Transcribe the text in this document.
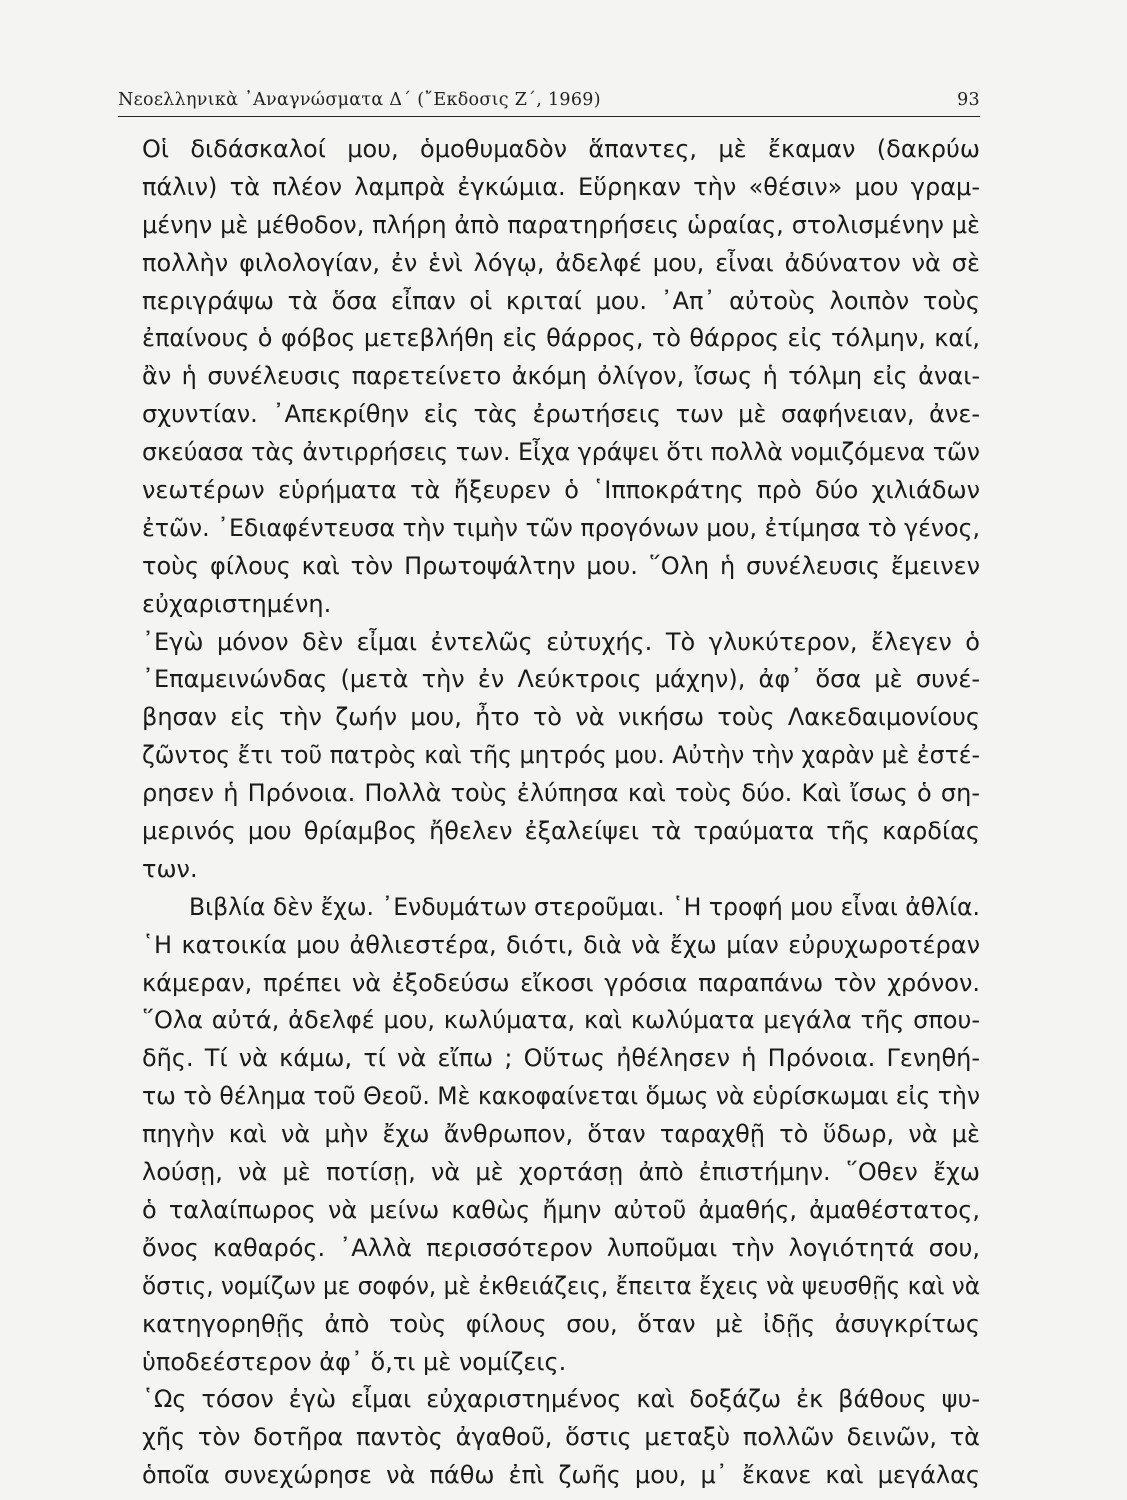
Νεοελληνικὰ ᾿Αναγνώσματα Δ΄ (῎Εκδοσις Ζ΄, 1969)	93
Οἱ διδάσκαλοί μου, ὁμοθυμαδὸν ἅπαντες, μὲ ἔκαμαν (δακρύω
πάλιν) τὰ πλέον λαμπρὰ ἐγκώμια. Εὕρηκαν τὴν «θέσιν» μου γραμ-
μένην μὲ μέθοδον, πλήρη ἀπὸ παρατηρήσεις ὡραίας, στολισμένην μὲ
πολλὴν φιλολογίαν, ἐν ἑνὶ λόγῳ, ἀδελφέ μου, εἶναι ἀδύνατον νὰ σὲ
περιγράψω τὰ ὅσα εἶπαν οἱ κριταί μου. ᾿Απ᾿ αὐτοὺς λοιπὸν τοὺς
ἐπαίνους ὁ φόβος μετεβλήθη εἰς θάρρος, τὸ θάρρος εἰς τόλμην, καί,
ἂν ἡ συνέλευσις παρετείνετο ἀκόμη ὀλίγον, ἴσως ἡ τόλμη εἰς ἀναι-
σχυντίαν. ᾿Απεκρίθην εἰς τὰς ἐρωτήσεις των μὲ σαφήνειαν, ἀνε-
σκεύασα τὰς ἀντιρρήσεις των. Εἶχα γράψει ὅτι πολλὰ νομιζόμενα τῶν
νεωτέρων εὑρήματα τὰ ἤξευρεν ὁ ῾Ιπποκράτης πρὸ δύο χιλιάδων
ἐτῶν. ᾿Εδιαφέντευσα τὴν τιμὴν τῶν προγόνων μου, ἐτίμησα τὸ γένος,
τοὺς φίλους καὶ τὸν Πρωτοψάλτην μου. ῞Ολη ἡ συνέλευσις ἔμεινεν
εὐχαριστημένη.
᾿Εγὼ μόνον δὲν εἶμαι ἐντελῶς εὐτυχής. Τὸ γλυκύτερον, ἔλεγεν ὁ
᾿Επαμεινώνδας (μετὰ τὴν ἐν Λεύκτροις μάχην), ἀφ᾿ ὅσα μὲ συνέ-
βησαν εἰς τὴν ζωήν μου, ἦτο τὸ νὰ νικήσω τοὺς Λακεδαιμονίους
ζῶντος ἔτι τοῦ πατρὸς καὶ τῆς μητρός μου. Αὐτὴν τὴν χαρὰν μὲ ἐστέ-
ρησεν ἡ Πρόνοια. Πολλὰ τοὺς ἐλύπησα καὶ τοὺς δύο. Καὶ ἴσως ὁ ση-
μερινός μου θρίαμβος ἤθελεν ἐξαλείψει τὰ τραύματα τῆς καρδίας
των.
Βιβλία δὲν ἔχω. ᾿Ενδυμάτων στεροῦμαι. ῾Η τροφή μου εἶναι ἀθλία.
῾Η κατοικία μου ἀθλιεστέρα, διότι, διὰ νὰ ἔχω μίαν εὐρυχωροτέραν
κάμεραν, πρέπει νὰ ἐξοδεύσω εἴκοσι γρόσια παραπάνω τὸν χρόνον.
῞Ολα αὐτά, ἀδελφέ μου, κωλύματα, καὶ κωλύματα μεγάλα τῆς σπου-
δῆς. Τί νὰ κάμω, τί νὰ εἴπω ; Οὕτως ἠθέλησεν ἡ Πρόνοια. Γενηθή-
τω τὸ θέλημα τοῦ Θεοῦ. Μὲ κακοφαίνεται ὅμως νὰ εὑρίσκωμαι εἰς τὴν
πηγὴν καὶ νὰ μὴν ἔχω ἄνθρωπον, ὅταν ταραχθῇ τὸ ὕδωρ, νὰ μὲ
λούσῃ, νὰ μὲ ποτίσῃ, νὰ μὲ χορτάσῃ ἀπὸ ἐπιστήμην. ῞Οθεν ἔχω
ὁ ταλαίπωρος νὰ μείνω καθὼς ἤμην αὐτοῦ ἀμαθής, ἀμαθέστατος,
ὄνος καθαρός. ᾿Αλλὰ περισσότερον λυποῦμαι τὴν λογιότητά σου,
ὅστις, νομίζων με σοφόν, μὲ ἐκθειάζεις, ἔπειτα ἔχεις νὰ ψευσθῇς καὶ νὰ
κατηγορηθῇς ἀπὸ τοὺς φίλους σου, ὅταν μὲ ἰδῇς ἀσυγκρίτως
ὑποδεέστερον ἀφ᾿ ὅ,τι μὲ νομίζεις.
῾Ως τόσον ἐγὼ εἶμαι εὐχαριστημένος καὶ δοξάζω ἐκ βάθους ψυ-
χῆς τὸν δοτῆρα παντὸς ἀγαθοῦ, ὅστις μεταξὺ πολλῶν δεινῶν, τὰ
ὁποῖα συνεχώρησε νὰ πάθω ἐπὶ ζωῆς μου, μ᾿ ἔκανε καὶ μεγάλας
